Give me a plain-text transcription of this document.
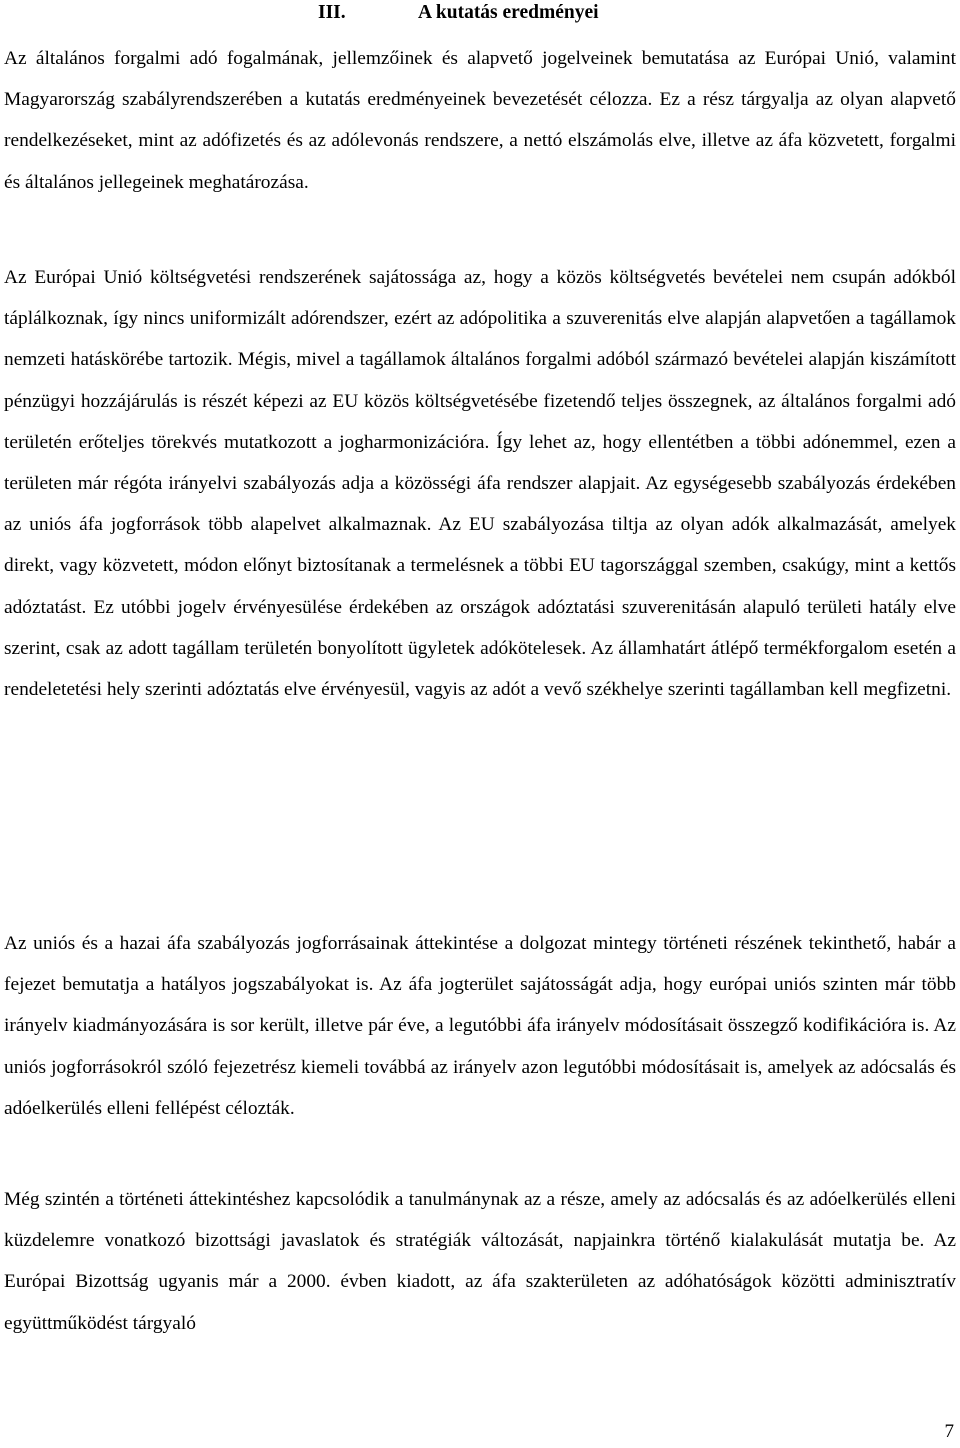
III.	A kutatás eredményei

Az általános forgalmi adó fogalmának, jellemzőinek és alapvető jogelveinek bemutatása az Európai Unió, valamint Magyarország szabályrendszerében a kutatás eredményeinek bevezetését célozza. Ez a rész tárgyalja az olyan alapvető rendelkezéseket, mint az adófizetés és az adólevonás rendszere, a nettó elszámolás elve, illetve az áfa közvetett, forgalmi és általános jellegeinek meghatározása.

Az Európai Unió költségvetési rendszerének sajátossága az, hogy a közös költségvetés bevételei nem csupán adókból táplálkoznak, így nincs uniformizált adórendszer, ezért az adópolitika a szuverenitás elve alapján alapvetően a tagállamok nemzeti hatáskörébe tartozik. Mégis, mivel a tagállamok általános forgalmi adóból származó bevételei alapján kiszámított pénzügyi hozzájárulás is részét képezi az EU közös költségvetésébe fizetendő teljes összegnek, az általános forgalmi adó területén erőteljes törekvés mutatkozott a jogharmonizációra. Így lehet az, hogy ellentétben a többi adónemmel, ezen a területen már régóta irányelvi szabályozás adja a közösségi áfa rendszer alapjait. Az egységesebb szabályozás érdekében az uniós áfa jogforrások több alapelvet alkalmaznak. Az EU szabályozása tiltja az olyan adók alkalmazását, amelyek direkt, vagy közvetett, módon előnyt biztosítanak a termelésnek a többi EU tagországgal szemben, csakúgy, mint a kettős adóztatást. Ez utóbbi jogelv érvényesülése érdekében az országok adóztatási szuverenitásán alapuló területi hatály elve szerint, csak az adott tagállam területén bonyolított ügyletek adókötelesek. Az államhatárt átlépő termékforgalom esetén a rendeletetési hely szerinti adóztatás elve érvényesül, vagyis az adót a vevő székhelye szerinti tagállamban kell megfizetni.

Az uniós és a hazai áfa szabályozás jogforrásainak áttekintése a dolgozat mintegy történeti részének tekinthető, habár a fejezet bemutatja a hatályos jogszabályokat is. Az áfa jogterület sajátosságát adja, hogy európai uniós szinten már több irányelv kiadmányozására is sor került, illetve pár éve, a legutóbbi áfa irányelv módosításait összegző kodifikációra is. Az uniós jogforrásokról szóló fejezetrész kiemeli továbbá az irányelv azon legutóbbi módosításait is, amelyek az adócsalás és adóelkerülés elleni fellépést célozták.

Még szintén a történeti áttekintéshez kapcsolódik a tanulmánynak az a része, amely az adócsalás és az adóelkerülés elleni küzdelemre vonatkozó bizottsági javaslatok és stratégiák változását, napjainkra történő kialakulását mutatja be. Az Európai Bizottság ugyanis már a 2000. évben kiadott, az áfa szakterületen az adóhatóságok közötti adminisztratív együttműködést tárgyaló

7
